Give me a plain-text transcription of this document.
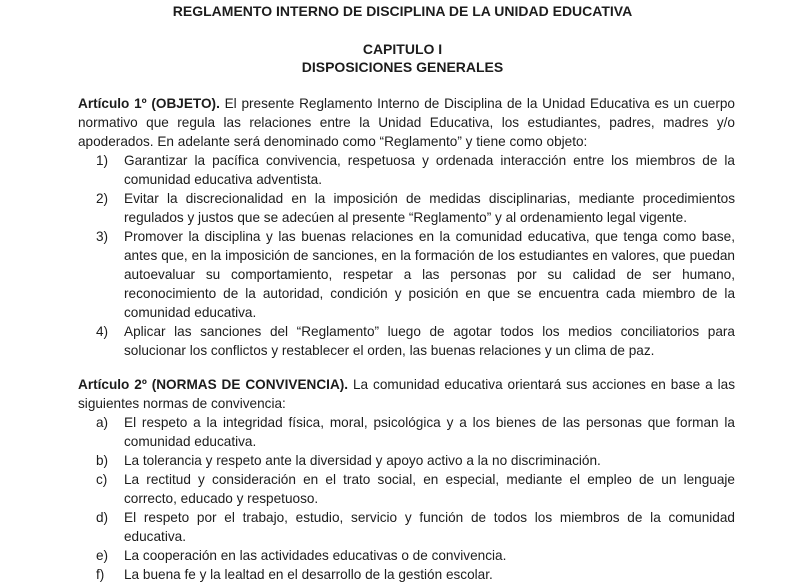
REGLAMENTO INTERNO DE DISCIPLINA DE LA UNIDAD EDUCATIVA
CAPITULO I
DISPOSICIONES GENERALES

Artículo 1º (OBJETO). El presente Reglamento Interno de Disciplina de la Unidad Educativa es un cuerpo normativo que regula las relaciones entre la Unidad Educativa, los estudiantes, padres, madres y/o apoderados. En adelante será denominado como “Reglamento” y tiene como objeto:

1) Garantizar la pacífica convivencia, respetuosa y ordenada interacción entre los miembros de la comunidad educativa adventista.
2) Evitar la discrecionalidad en la imposición de medidas disciplinarias, mediante procedimientos regulados y justos que se adecúen al presente “Reglamento” y al ordenamiento legal vigente.
3) Promover la disciplina y las buenas relaciones en la comunidad educativa, que tenga como base, antes que, en la imposición de sanciones, en la formación de los estudiantes en valores, que puedan autoevaluar su comportamiento, respetar a las personas por su calidad de ser humano, reconocimiento de la autoridad, condición y posición en que se encuentra cada miembro de la comunidad educativa.
4) Aplicar las sanciones del “Reglamento” luego de agotar todos los medios conciliatorios para solucionar los conflictos y restablecer el orden, las buenas relaciones y un clima de paz.

Artículo 2º (NORMAS DE CONVIVENCIA). La comunidad educativa orientará sus acciones en base a las siguientes normas de convivencia:

a) El respeto a la integridad física, moral, psicológica y a los bienes de las personas que forman la comunidad educativa.
b) La tolerancia y respeto ante la diversidad y apoyo activo a la no discriminación.
c) La rectitud y consideración en el trato social, en especial, mediante el empleo de un lenguaje correcto, educado y respetuoso.
d) El respeto por el trabajo, estudio, servicio y función de todos los miembros de la comunidad educativa.
e) La cooperación en las actividades educativas o de convivencia.
f) La buena fe y la lealtad en el desarrollo de la gestión escolar.
